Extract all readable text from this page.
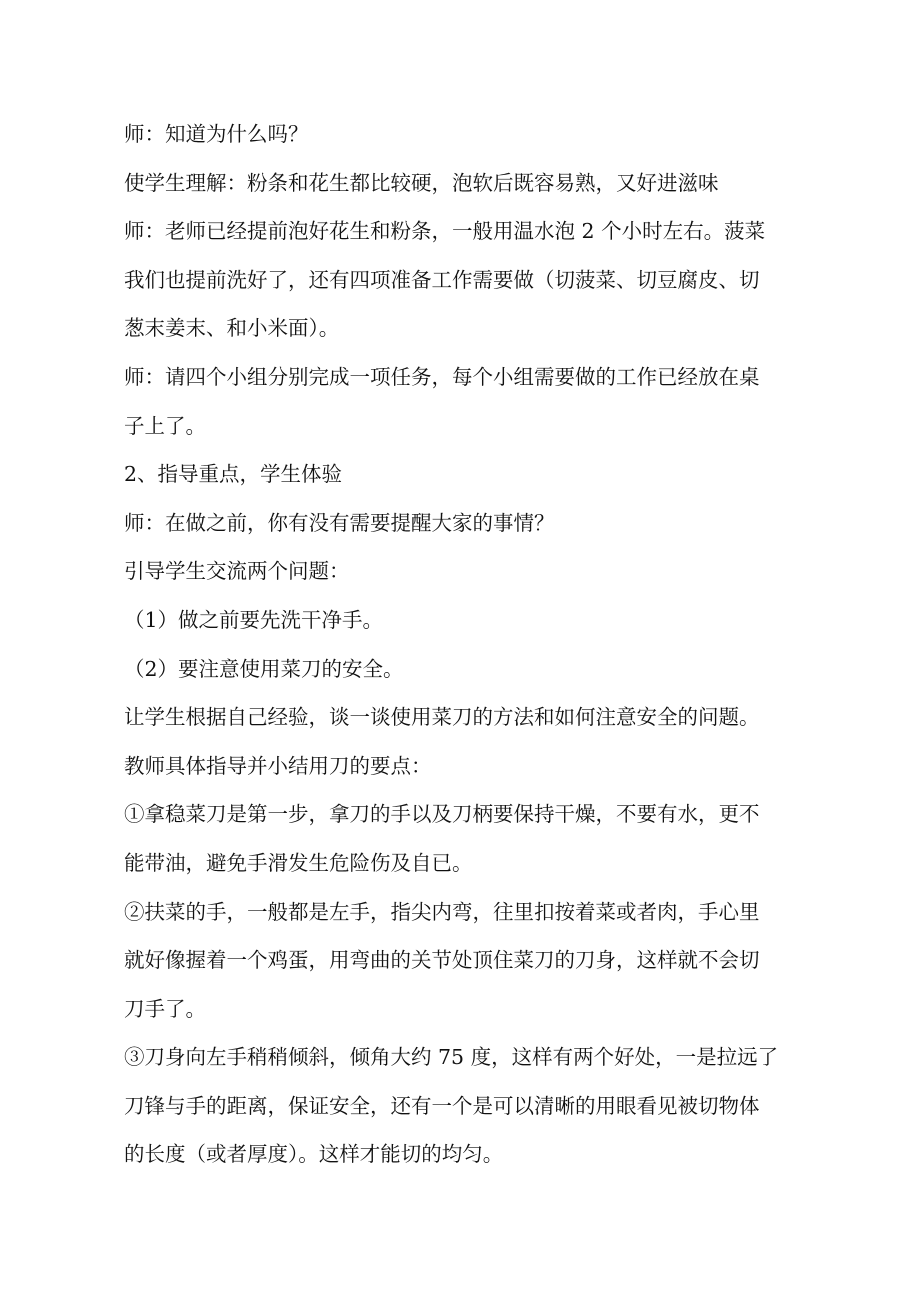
师：知道为什么吗？
使学生理解：粉条和花生都比较硬，泡软后既容易熟，又好进滋味
师：老师已经提前泡好花生和粉条，一般用温水泡 2 个小时左右。菠菜
我们也提前洗好了，还有四项准备工作需要做（切菠菜、切豆腐皮、切
葱末姜末、和小米面）。
师：请四个小组分别完成一项任务，每个小组需要做的工作已经放在桌
子上了。
2、指导重点，学生体验
师：在做之前，你有没有需要提醒大家的事情？
引导学生交流两个问题：
（1）做之前要先洗干净手。
（2）要注意使用菜刀的安全。
让学生根据自己经验，谈一谈使用菜刀的方法和如何注意安全的问题。
教师具体指导并小结用刀的要点：
①拿稳菜刀是第一步，拿刀的手以及刀柄要保持干燥，不要有水，更不
能带油，避免手滑发生危险伤及自已。
②扶菜的手，一般都是左手，指尖内弯，往里扣按着菜或者肉，手心里
就好像握着一个鸡蛋，用弯曲的关节处顶住菜刀的刀身，这样就不会切
刀手了。
③刀身向左手稍稍倾斜，倾角大约 75 度，这样有两个好处，一是拉远了
刀锋与手的距离，保证安全，还有一个是可以清晰的用眼看见被切物体
的长度（或者厚度）。这样才能切的均匀。
